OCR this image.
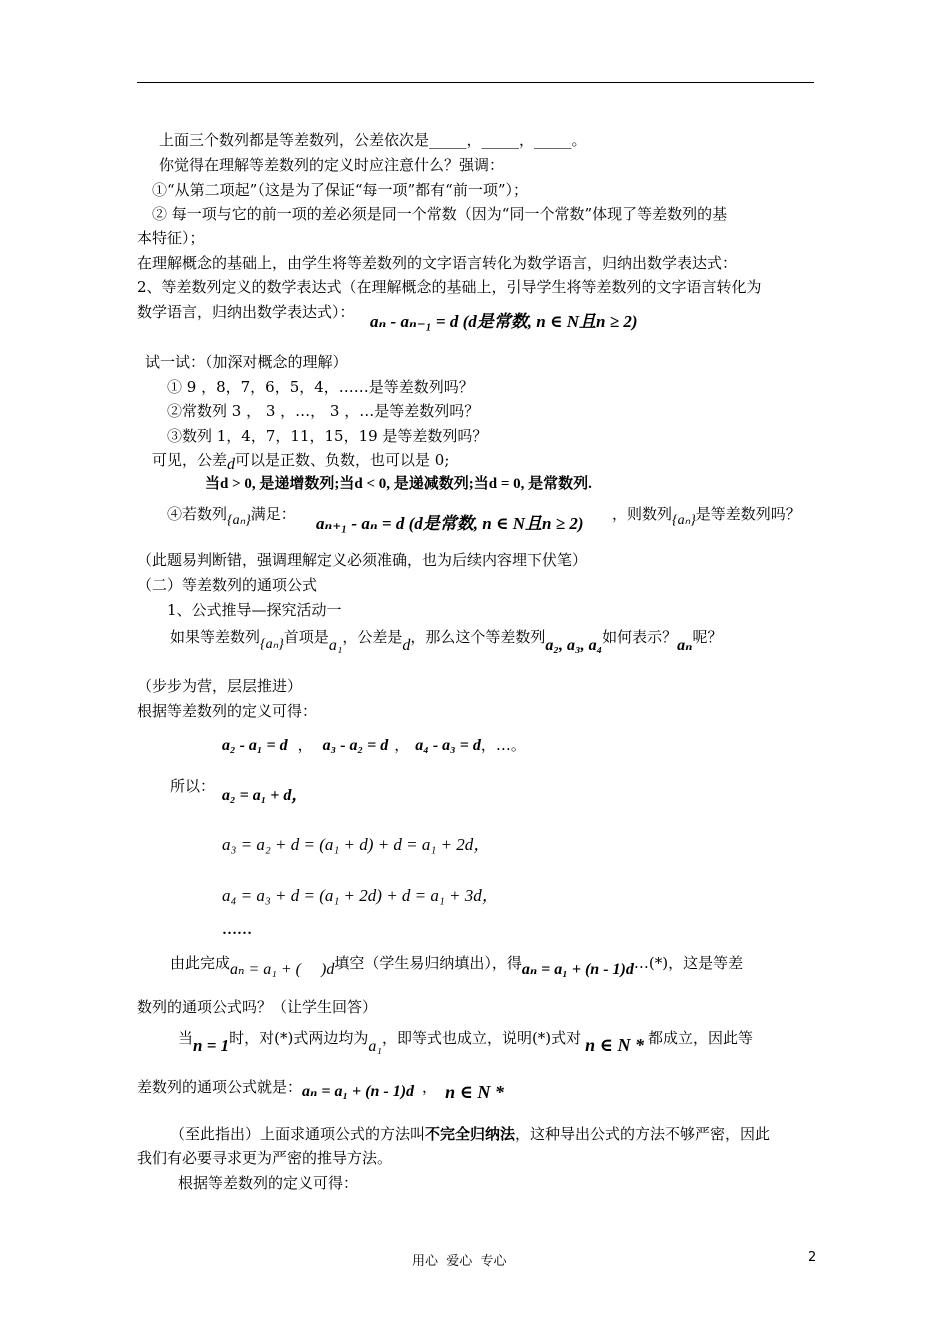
上面三个数列都是等差数列，公差依次是_____，_____，_____。
你觉得在理解等差数列的定义时应注意什么？强调：
①“从第二项起”（这是为了保证“每一项”都有“前一项”）；
② 每一项与它的前一项的差必须是同一个常数（因为“同一个常数”体现了等差数列的基
本特征）；
在理解概念的基础上，由学生将等差数列的文字语言转化为数学语言，归纳出数学表达式：
2、等差数列定义的数学表达式（在理解概念的基础上，引导学生将等差数列的文字语言转化为
数学语言，归纳出数学表达式）： aₙ - aₙ₋₁ = d (d是常数, n ∈ N且n ≥ 2)
试一试：（加深对概念的理解）
① 9 ，8，7，6，5，4，……是等差数列吗？
②常数列 3 ， 3 ，…， 3 ，…是等差数列吗？
③数列 1，4，7，11，15，19 是等差数列吗？
可见，公差d可以是正数、负数，也可以是 0;
当d > 0, 是递增数列;当d < 0, 是递减数列;当d = 0, 是常数列.
④若数列{aₙ}满足： aₙ₊₁ - aₙ = d (d是常数, n ∈ N且n ≥ 2) ，则数列{aₙ}是等差数列吗？
（此题易判断错，强调理解定义必须准确，也为后续内容埋下伏笔）
（二）等差数列的通项公式
1、公式推导—探究活动一
如果等差数列{aₙ}首项是a₁，公差是d，那么这个等差数列a₂, a₃, a₄如何表示？aₙ呢？
（步步为营，层层推进）
根据等差数列的定义可得：
a₂ - a₁ = d ， a₃ - a₂ = d ， a₄ - a₃ = d，…。
所以：
a₂ = a₁ + d，
a₃ = a₂ + d = (a₁ + d) + d = a₁ + 2d，
a₄ = a₃ + d = (a₁ + 2d) + d = a₁ + 3d，
……
由此完成aₙ = a₁ + (     )d填空（学生易归纳填出），得aₙ = a₁ + (n - 1)d…(*)，这是等差
数列的通项公式吗？（让学生回答）
当n = 1时，对(*)式两边均为a₁，即等式也成立，说明(*)式对 n ∈ N * 都成立，因此等
差数列的通项公式就是：aₙ = a₁ + (n - 1)d ， n ∈ N *
（至此指出）上面求通项公式的方法叫不完全归纳法，这种导出公式的方法不够严密，因此
我们有必要寻求更为严密的推导方法。
根据等差数列的定义可得：
用心  爱心  专心	2
